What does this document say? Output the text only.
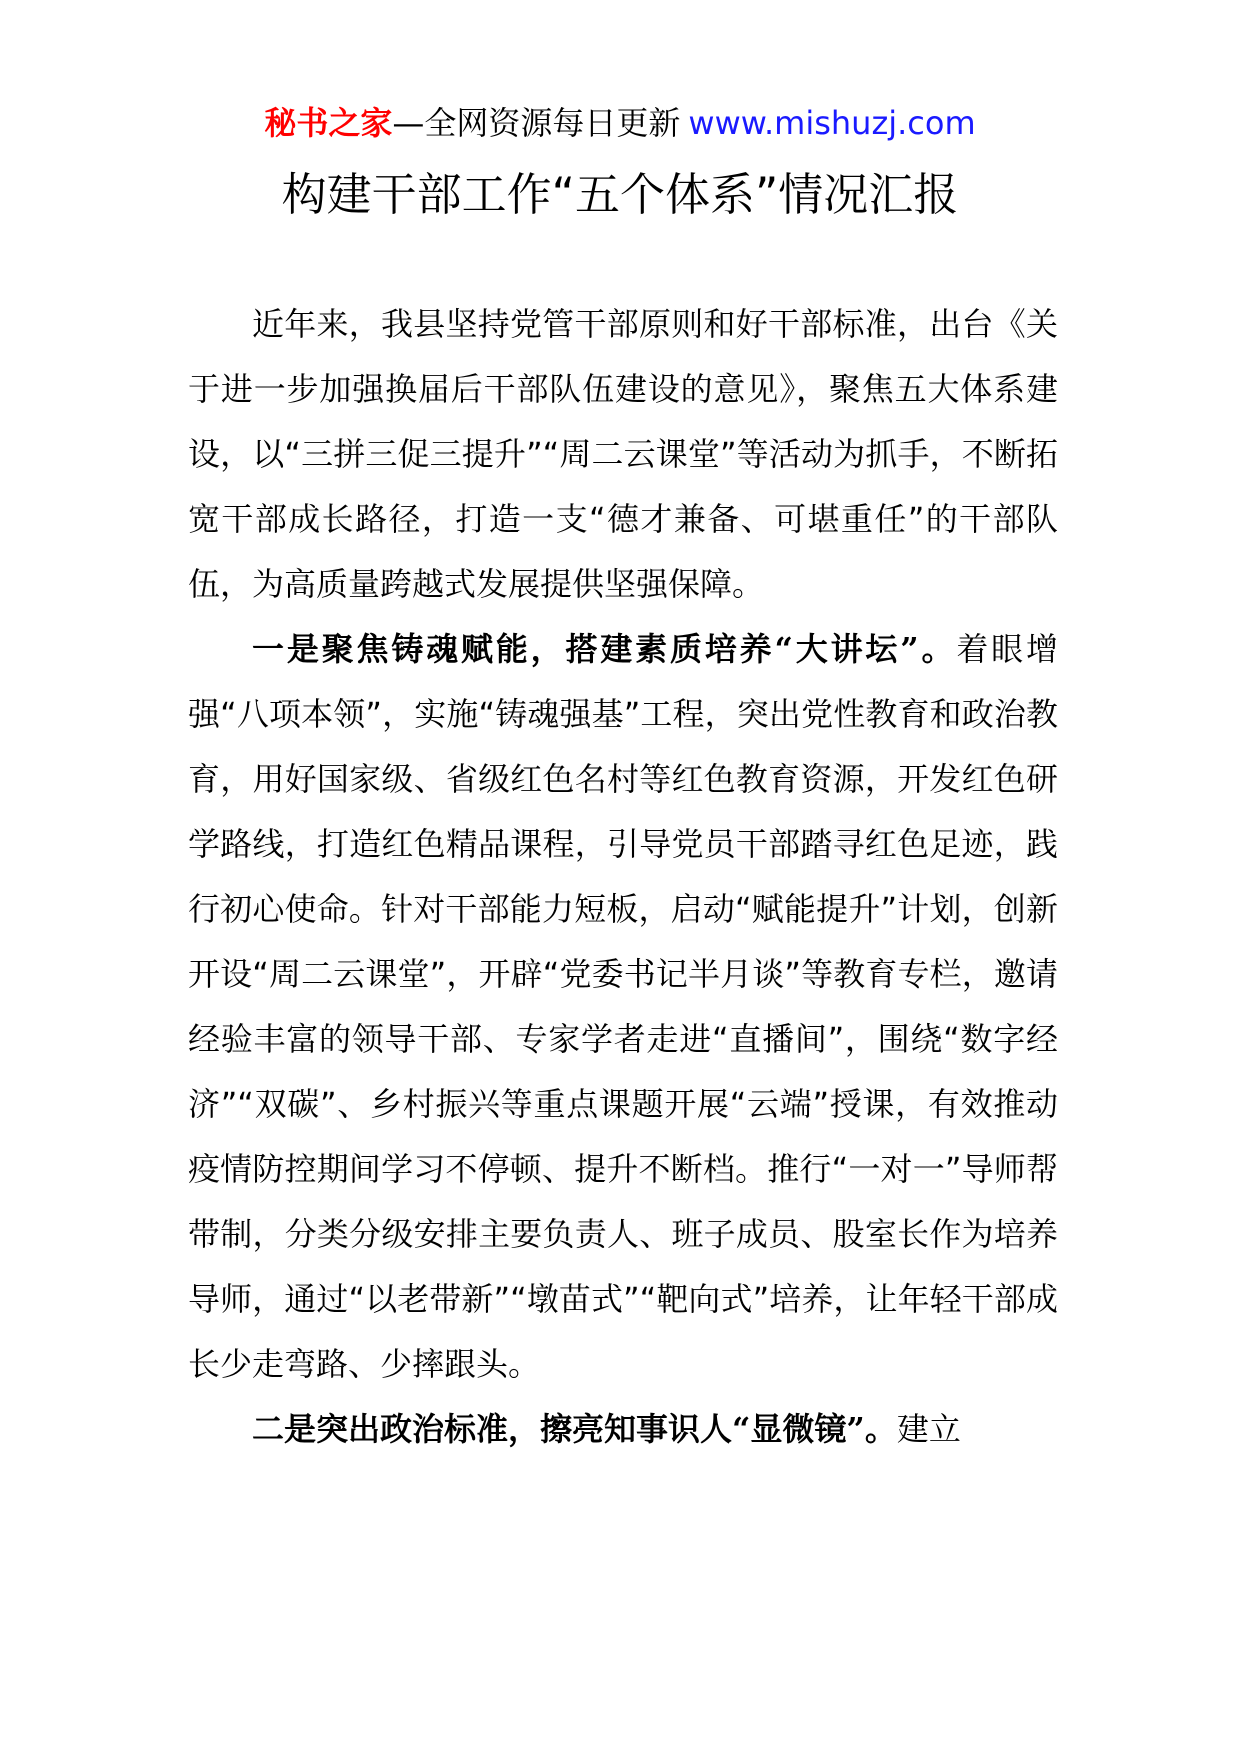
秘书之家—全网资源每日更新 www.mishuzj.com
构建干部工作“五个体系”情况汇报

近年来，我县坚持党管干部原则和好干部标准，出台《关于进一步加强换届后干部队伍建设的意见》，聚焦五大体系建设，以“三拼三促三提升”“周二云课堂”等活动为抓手，不断拓宽干部成长路径，打造一支“德才兼备、可堪重任”的干部队伍，为高质量跨越式发展提供坚强保障。

一是聚焦铸魂赋能，搭建素质培养“大讲坛”。着眼增强“八项本领”，实施“铸魂强基”工程，突出党性教育和政治教育，用好国家级、省级红色名村等红色教育资源，开发红色研学路线，打造红色精品课程，引导党员干部踏寻红色足迹，践行初心使命。针对干部能力短板，启动“赋能提升”计划，创新开设“周二云课堂”，开辟“党委书记半月谈”等教育专栏，邀请经验丰富的领导干部、专家学者走进“直播间”，围绕“数字经济”“双碳”、乡村振兴等重点课题开展“云端”授课，有效推动疫情防控期间学习不停顿、提升不断档。推行“一对一”导师帮带制，分类分级安排主要负责人、班子成员、股室长作为培养导师，通过“以老带新”“墩苗式”“靶向式”培养，让年轻干部成长少走弯路、少摔跟头。

二是突出政治标准，擦亮知事识人“显微镜”。建立
